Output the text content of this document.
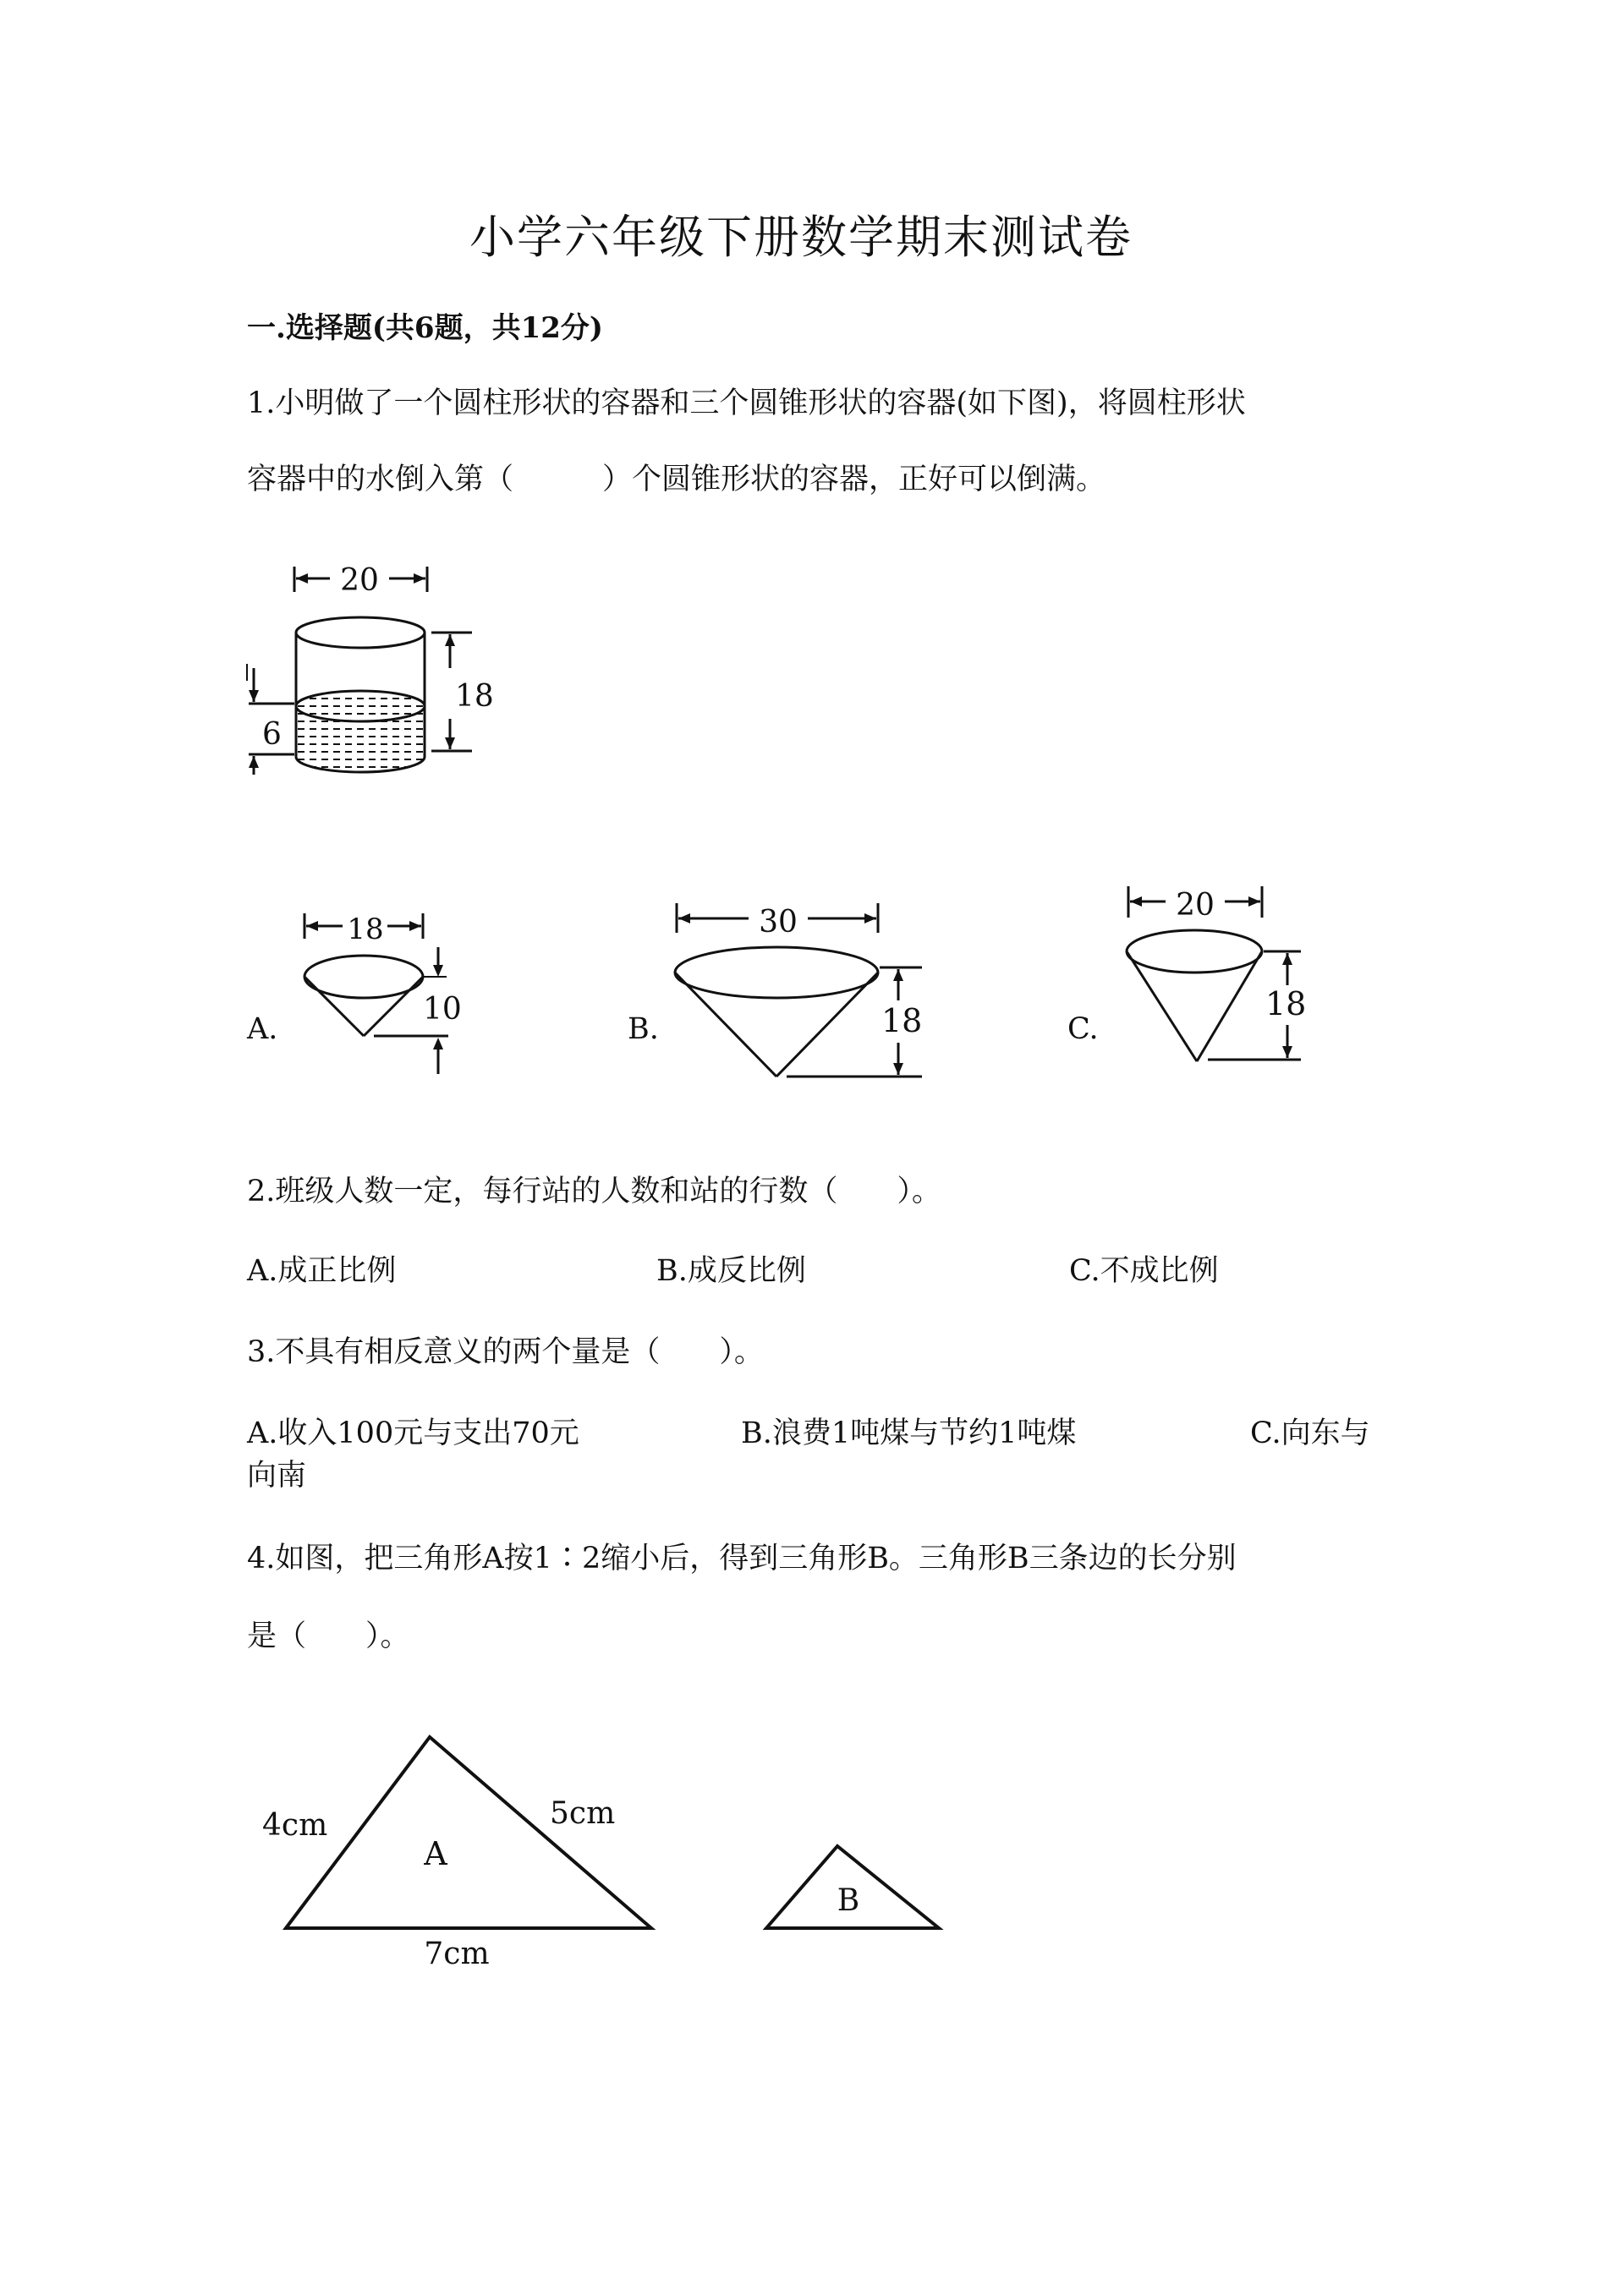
小学六年级下册数学期末测试卷
一.选择题(共6题，共12分)
1.小明做了一个圆柱形状的容器和三个圆锥形状的容器(如下图)，将圆柱形状
容器中的水倒入第（　　　）个圆锥形状的容器，正好可以倒满。
20
18
6
A.	B.	C.
18
10
30
18
20
18
2.班级人数一定，每行站的人数和站的行数（　　）。
A.成正比例	B.成反比例	C.不成比例
3.不具有相反意义的两个量是（　　）。
A.收入100元与支出70元	B.浪费1吨煤与节约1吨煤	C.向东与
向南
4.如图，把三角形A按1∶2缩小后，得到三角形B。三角形B三条边的长分别
是（　　）。
A
4cm	5cm
7cm
B
